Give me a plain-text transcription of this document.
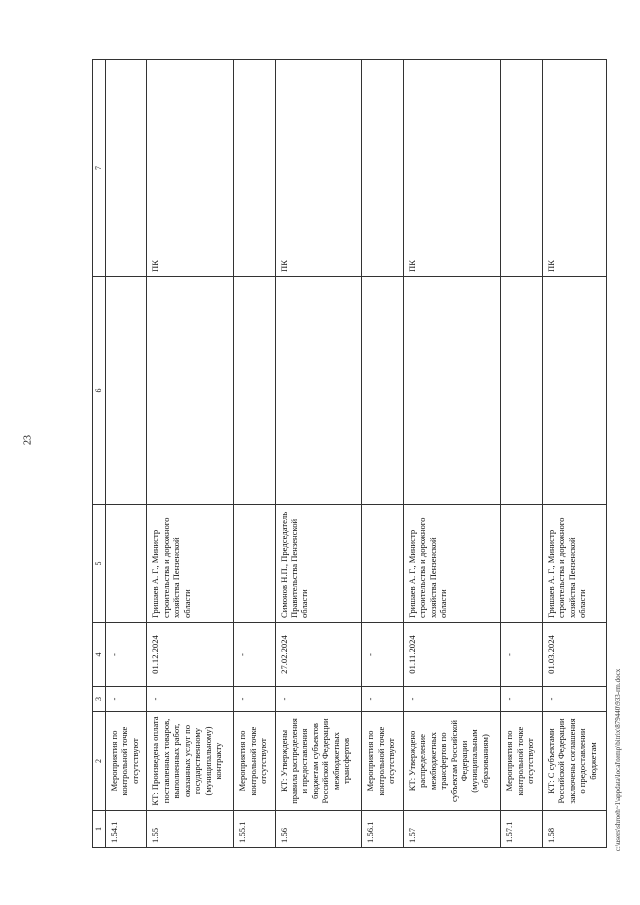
23
1	2	3	4	5	6	7
1.54.1	Мероприятия по контрольной точке отсутствуют	-	-			
1.55	КТ: Произведена оплата поставленных товаров, выполненных работ, оказанных услуг по государственному (муниципальному) контракту	-	01.12.2024	Гришаев А. Г., Министр строительства и дорожного хозяйства Пензенской области		ПК
1.55.1	Мероприятия по контрольной точке отсутствуют	-	-			
1.56	КТ: Утверждены правила распределения и предоставления бюджетам субъектов Российской Федерации межбюджетных трансфертов	-	27.02.2024	Симонов Н.П., Председатель Правительства Пензенской области		ПК
1.56.1	Мероприятия по контрольной точке отсутствуют	-	-			
1.57	КТ: Утверждено распределение межбюджетных трансфертов по субъектам Российской Федерации (муниципальным образованиям)	-	01.11.2024	Гришаев А. Г., Министр строительства и дорожного хозяйства Пензенской области		ПК
1.57.1	Мероприятия по контрольной точке отсутствуют	-	-			
1.58	КТ: С субъектами Российской Федерации заключены соглашения о предоставлении бюджетам	-	01.03.2024	Гришаев А. Г., Министр строительства и дорожного хозяйства Пензенской области		ПК
c:\users\shroeh~1\appdata\local\temp\bitrix\879440\933-rm.docx
